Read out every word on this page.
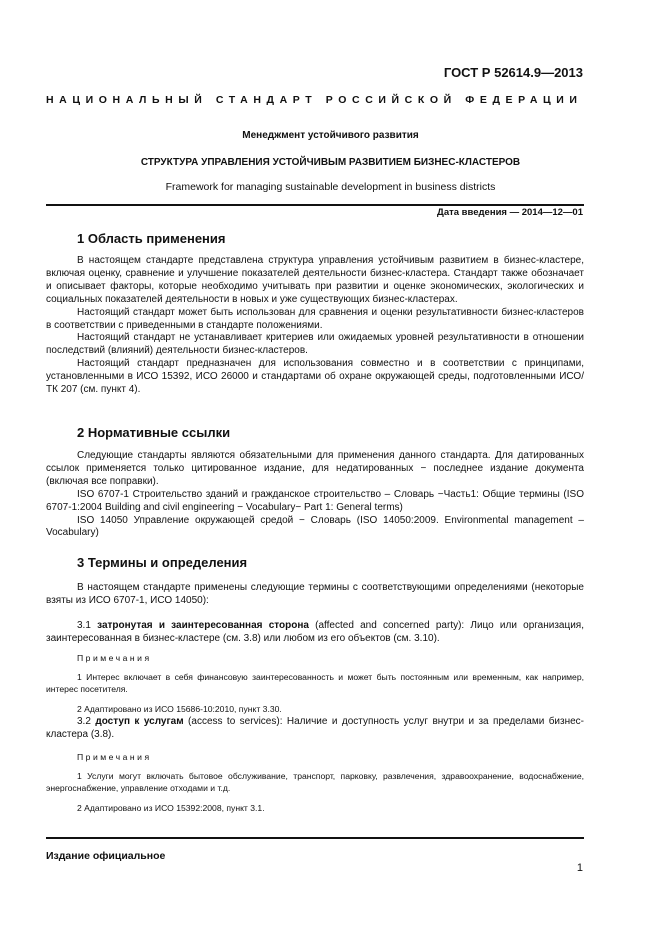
ГОСТ Р 52614.9—2013
НАЦИОНАЛЬНЫЙ СТАНДАРТ РОССИЙСКОЙ ФЕДЕРАЦИИ
Менеджмент устойчивого развития
СТРУКТУРА УПРАВЛЕНИЯ УСТОЙЧИВЫМ РАЗВИТИЕМ БИЗНЕС-КЛАСТЕРОВ
Framework for managing sustainable development in business districts
Дата введения — 2014—12—01
1 Область применения

В настоящем стандарте представлена структура управления устойчивым развитием в бизнес-кластере, включая оценку, сравнение и улучшение показателей деятельности бизнес-кластера. Стандарт также обозначает и описывает факторы, которые необходимо учитывать при развитии и оценке экономических, экологических и социальных показателей деятельности в новых и уже существующих бизнес-кластерах.

Настоящий стандарт может быть использован для сравнения и оценки результативности бизнес-кластеров в соответствии с приведенными в стандарте положениями.

Настоящий стандарт не устанавливает критериев или ожидаемых уровней результативности в отношении последствий (влияний) деятельности бизнес-кластеров.

Настоящий стандарт предназначен для использования совместно и в соответствии с принципами, установленными в ИСО 15392, ИСО 26000 и стандартами об охране окружающей среды, подготовленными ИСО/ТК 207 (см. пункт 4).

2 Нормативные ссылки

Следующие стандарты являются обязательными для применения данного стандарта. Для датированных ссылок применяется только цитированное издание, для недатированных − последнее издание документа (включая все поправки).

ISO 6707-1 Строительство зданий и гражданское строительство – Словарь −Часть1: Общие термины (ISO 6707-1:2004 Building and civil engineering − Vocabulary− Part 1: General terms)

ISO 14050 Управление окружающей средой − Словарь (ISO 14050:2009. Environmental management – Vocabulary)

3 Термины и определения

В настоящем стандарте применены следующие термины с соответствующими определениями (некоторые взяты из ИСО 6707-1, ИСО 14050):

3.1 затронутая и заинтересованная сторона (affected and concerned party): Лицо или организация, заинтересованная в бизнес-кластере (см. 3.8) или любом из его объектов (см. 3.10).

Примечания

1 Интерес включает в себя финансовую заинтересованность и может быть постоянным или временным, как например, интерес посетителя.

2 Адаптировано из ИСО 15686-10:2010, пункт 3.30.

3.2 доступ к услугам (access to services): Наличие и доступность услуг внутри и за пределами бизнес-кластера (3.8).

Примечания

1 Услуги могут включать бытовое обслуживание, транспорт, парковку, развлечения, здравоохранение, водоснабжение, энергоснабжение, управление отходами и т.д.

2 Адаптировано из ИСО 15392:2008, пункт 3.1.

Издание официальное
1
